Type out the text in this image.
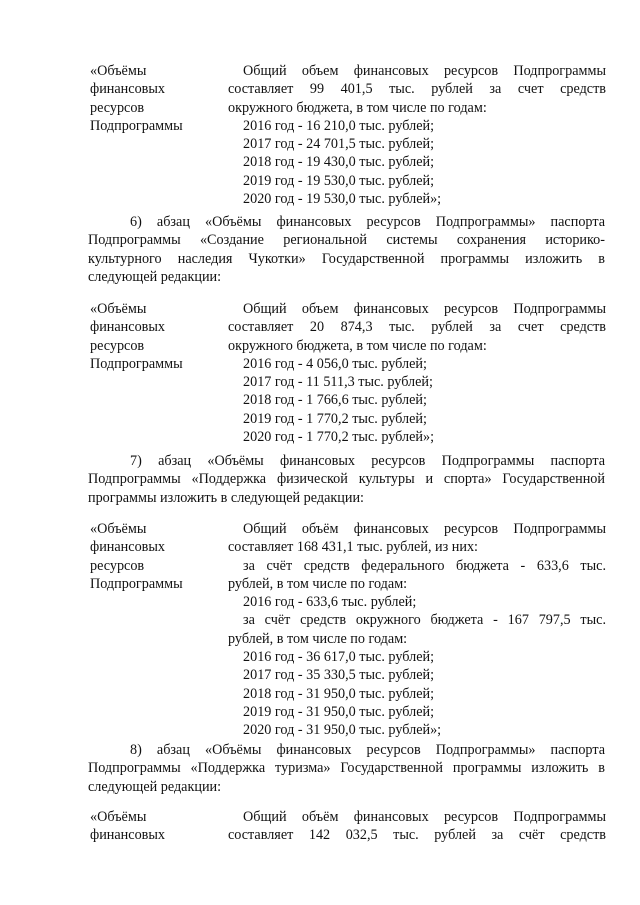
«Объёмы
финансовых
ресурсов
Подпрограммы
Общий объем финансовых ресурсов Подпрограммы
составляет 99 401,5 тыс. рублей за счет средств
окружного бюджета, в том числе по годам:
2016 год - 16 210,0 тыс. рублей;
2017 год - 24 701,5 тыс. рублей;
2018 год - 19 430,0 тыс. рублей;
2019 год - 19 530,0 тыс. рублей;
2020 год - 19 530,0 тыс. рублей»;
6) абзац «Объёмы финансовых ресурсов Подпрограммы» паспорта
Подпрограммы «Создание региональной системы сохранения историко-
культурного наследия Чукотки» Государственной программы изложить в
следующей редакции:
«Объёмы
финансовых
ресурсов
Подпрограммы
Общий объем финансовых ресурсов Подпрограммы
составляет 20 874,3 тыс. рублей за счет средств
окружного бюджета, в том числе по годам:
2016 год - 4 056,0 тыс. рублей;
2017 год - 11 511,3 тыс. рублей;
2018 год - 1 766,6 тыс. рублей;
2019 год - 1 770,2 тыс. рублей;
2020 год - 1 770,2 тыс. рублей»;
7) абзац «Объёмы финансовых ресурсов Подпрограммы паспорта
Подпрограммы «Поддержка физической культуры и спорта» Государственной
программы изложить в следующей редакции:
«Объёмы
финансовых
ресурсов
Подпрограммы
Общий объём финансовых ресурсов Подпрограммы
составляет 168 431,1 тыс. рублей, из них:
за счёт средств федерального бюджета - 633,6 тыс.
рублей, в том числе по годам:
2016 год - 633,6 тыс. рублей;
за счёт средств окружного бюджета - 167 797,5 тыс.
рублей, в том числе по годам:
2016 год - 36 617,0 тыс. рублей;
2017 год - 35 330,5 тыс. рублей;
2018 год - 31 950,0 тыс. рублей;
2019 год - 31 950,0 тыс. рублей;
2020 год - 31 950,0 тыс. рублей»;
8) абзац «Объёмы финансовых ресурсов Подпрограммы» паспорта
Подпрограммы «Поддержка туризма» Государственной программы изложить в
следующей редакции:
«Объёмы
финансовых
Общий объём финансовых ресурсов Подпрограммы
составляет 142 032,5 тыс. рублей за счёт средств
